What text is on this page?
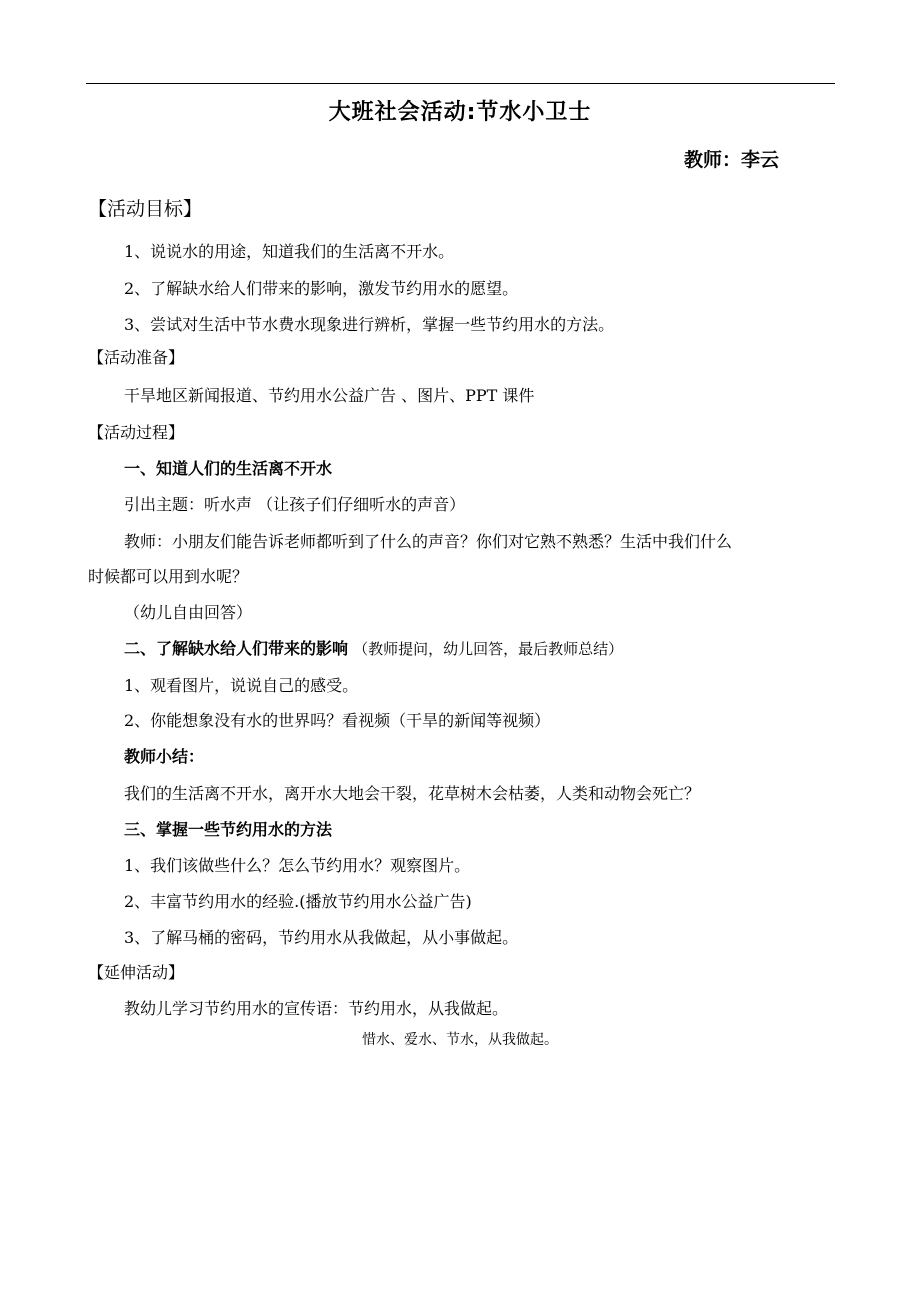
大班社会活动:节水小卫士
教师：李云
【活动目标】
1、说说水的用途，知道我们的生活离不开水。
2、了解缺水给人们带来的影响，激发节约用水的愿望。
3、尝试对生活中节水费水现象进行辨析，掌握一些节约用水的方法。
【活动准备】
干旱地区新闻报道、节约用水公益广告 、图片、PPT 课件
【活动过程】
一、知道人们的生活离不开水
引出主题：听水声 （让孩子们仔细听水的声音）
教师：小朋友们能告诉老师都听到了什么的声音？你们对它熟不熟悉？生活中我们什么
时候都可以用到水呢？
（幼儿自由回答）
二、了解缺水给人们带来的影响 （教师提问，幼儿回答，最后教师总结）
1、观看图片，说说自己的感受。
2、你能想象没有水的世界吗？看视频（干旱的新闻等视频）
教师小结：
我们的生活离不开水，离开水大地会干裂，花草树木会枯萎，人类和动物会死亡？
三、掌握一些节约用水的方法
1、我们该做些什么？怎么节约用水？观察图片。
2、丰富节约用水的经验.(播放节约用水公益广告)
3、了解马桶的密码，节约用水从我做起，从小事做起。
【延伸活动】
教幼儿学习节约用水的宣传语：节约用水，从我做起。
惜水、爱水、节水，从我做起。
